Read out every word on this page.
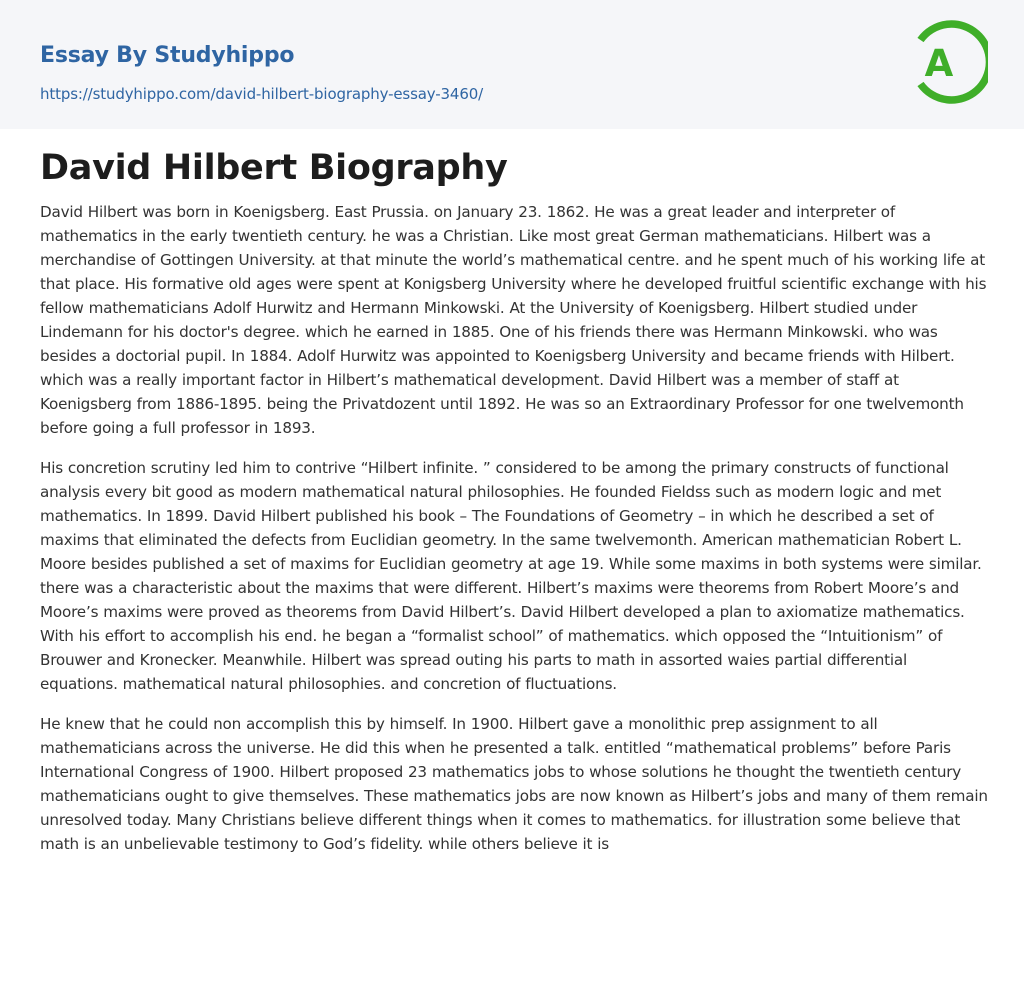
Essay By Studyhippo
https://studyhippo.com/david-hilbert-biography-essay-3460/
A
David Hilbert Biography

David Hilbert was born in Koenigsberg. East Prussia. on January 23. 1862. He was a great leader and interpreter of mathematics in the early twentieth century. he was a Christian. Like most great German mathematicians. Hilbert was a merchandise of Gottingen University. at that minute the world’s mathematical centre. and he spent much of his working life at that place. His formative old ages were spent at Konigsberg University where he developed fruitful scientific exchange with his fellow mathematicians Adolf Hurwitz and Hermann Minkowski. At the University of Koenigsberg. Hilbert studied under Lindemann for his doctor's degree. which he earned in 1885. One of his friends there was Hermann Minkowski. who was besides a doctorial pupil. In 1884. Adolf Hurwitz was appointed to Koenigsberg University and became friends with Hilbert. which was a really important factor in Hilbert’s mathematical development. David Hilbert was a member of staff at Koenigsberg from 1886-1895. being the Privatdozent until 1892. He was so an Extraordinary Professor for one twelvemonth before going a full professor in 1893.

His concretion scrutiny led him to contrive “Hilbert infinite. ” considered to be among the primary constructs of functional analysis every bit good as modern mathematical natural philosophies. He founded Fieldss such as modern logic and met mathematics. In 1899. David Hilbert published his book – The Foundations of Geometry – in which he described a set of maxims that eliminated the defects from Euclidian geometry. In the same twelvemonth. American mathematician Robert L. Moore besides published a set of maxims for Euclidian geometry at age 19. While some maxims in both systems were similar. there was a characteristic about the maxims that were different. Hilbert’s maxims were theorems from Robert Moore’s and Moore’s maxims were proved as theorems from David Hilbert’s. David Hilbert developed a plan to axiomatize mathematics. With his effort to accomplish his end. he began a “formalist school” of mathematics. which opposed the “Intuitionism” of Brouwer and Kronecker. Meanwhile. Hilbert was spread outing his parts to math in assorted waies partial differential equations. mathematical natural philosophies. and concretion of fluctuations.

He knew that he could non accomplish this by himself. In 1900. Hilbert gave a monolithic prep assignment to all mathematicians across the universe. He did this when he presented a talk. entitled “mathematical problems” before Paris International Congress of 1900. Hilbert proposed 23 mathematics jobs to whose solutions he thought the twentieth century mathematicians ought to give themselves. These mathematics jobs are now known as Hilbert’s jobs and many of them remain unresolved today. Many Christians believe different things when it comes to mathematics. for illustration some believe that math is an unbelievable testimony to God’s fidelity. while others believe it is
